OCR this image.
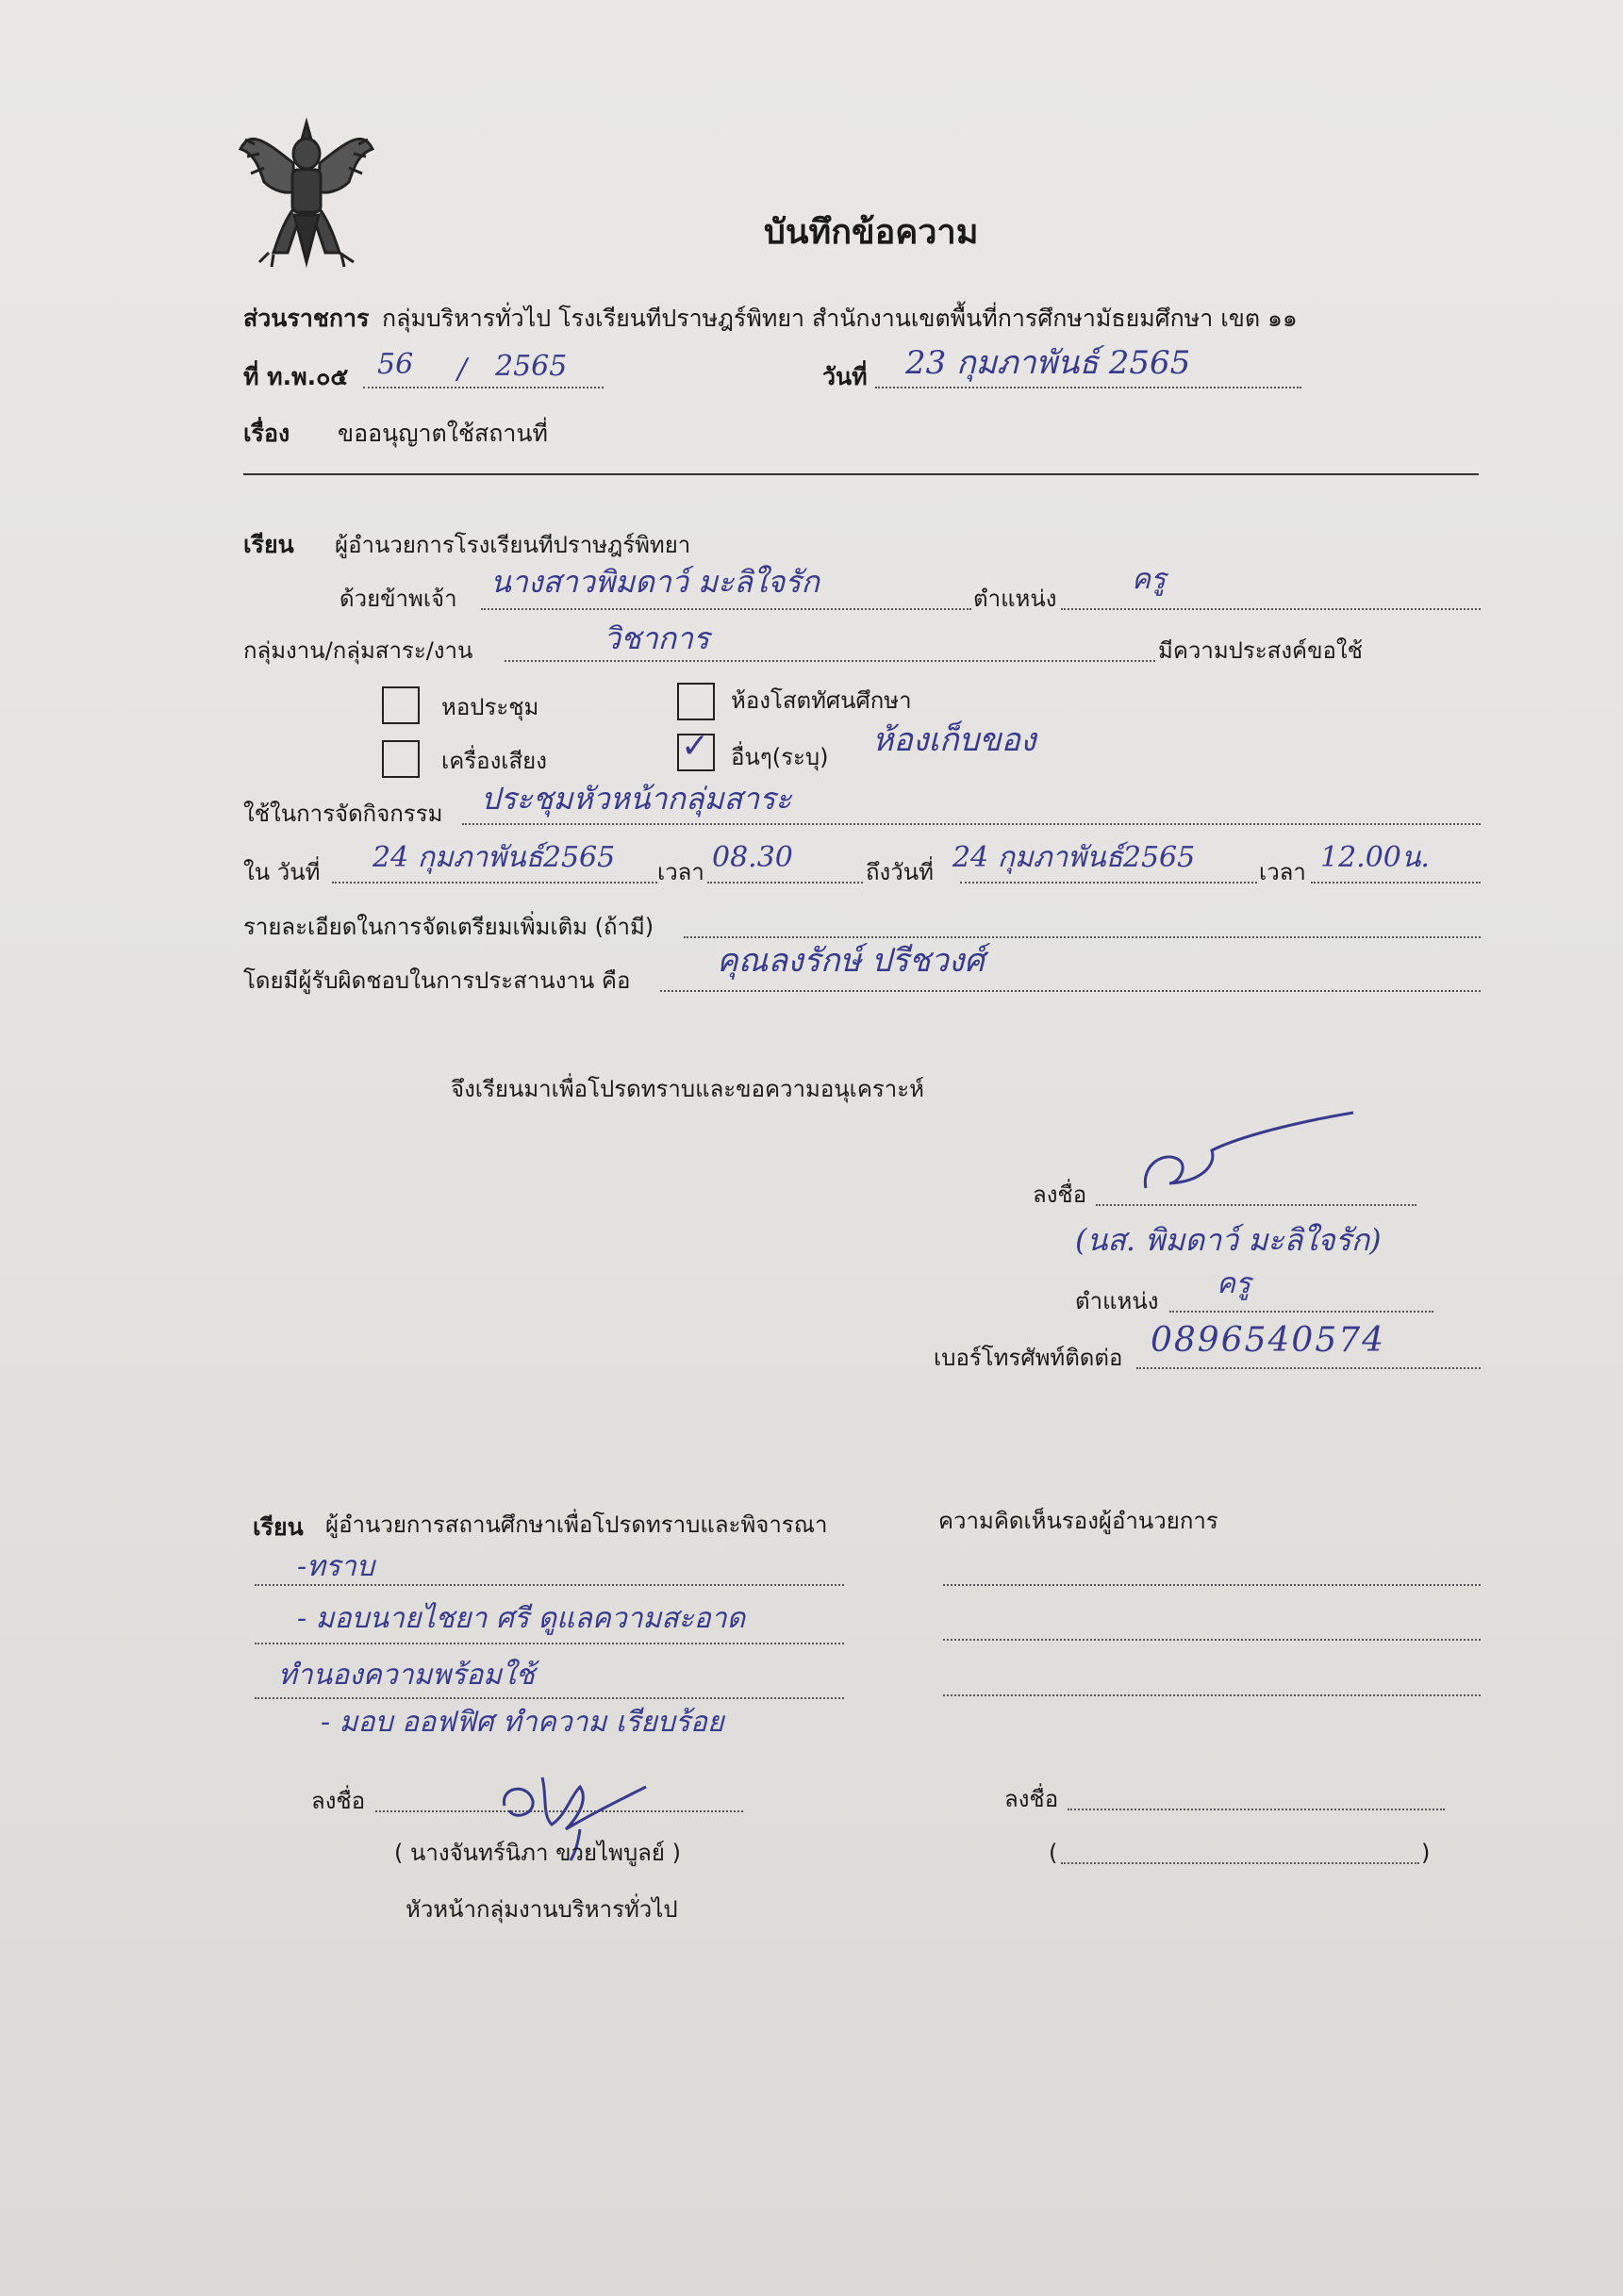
บันทึกข้อความ
ส่วนราชการ กลุ่มบริหารทั่วไป โรงเรียนทีปราษฎร์พิทยา สำนักงานเขตพื้นที่การศึกษามัธยมศึกษา เขต ๑๑
ที่ ท.พ.๐๕ 56 / 2565	วันที่ 23 กุมภาพันธ์ 2565
เรื่อง ขออนุญาตใช้สถานที่
เรียน ผู้อำนวยการโรงเรียนทีปราษฎร์พิทยา
ด้วยข้าพเจ้า นางสาวพิมดาว์ มะลิใจรัก	ตำแหน่ง
ครู
กลุ่มงาน/กลุ่มสาระ/งาน	วิชาการ	มีความประสงค์ขอใช้
หอประชุม	ห้องโสตทัศนศึกษา
เครื่องเสียง	✓ อื่นๆ(ระบุ) ห้องเก็บของ
ใช้ในการจัดกิจกรรม ประชุมหัวหน้ากลุ่มสาระ
ใน วันที่ 24 กุมภาพันธ์2565 เวลา 08.30	ถึงวันที่ 24 กุมภาพันธ์2565	เวลา 12.00น.
รายละเอียดในการจัดเตรียมเพิ่มเติม (ถ้ามี)
โดยมีผู้รับผิดชอบในการประสานงาน คือ
คุณลงรักษ์ ปรีชวงศ์
จึงเรียนมาเพื่อโปรดทราบและขอความอนุเคราะห์
ลงชื่อ
(นส. พิมดาว์ มะลิใจรัก)
ตำแหน่ง
ครู
เบอร์โทรศัพท์ติดต่อ 0896540574
เรียน ผู้อำนวยการสถานศึกษาเพื่อโปรดทราบและพิจารณา
-ทราบ
- มอบนายไชยา ศรี ดูแลความสะอาด
ทำนองความพร้อมใช้
- มอบ ออฟฟิศ ทำความ เรียบร้อย
ลงชื่อ
( นางจันทร์นิภา ขวยไพบูลย์ )
หัวหน้ากลุ่มงานบริหารทั่วไป
ความคิดเห็นรองผู้อำนวยการ
ลงชื่อ
(	)
